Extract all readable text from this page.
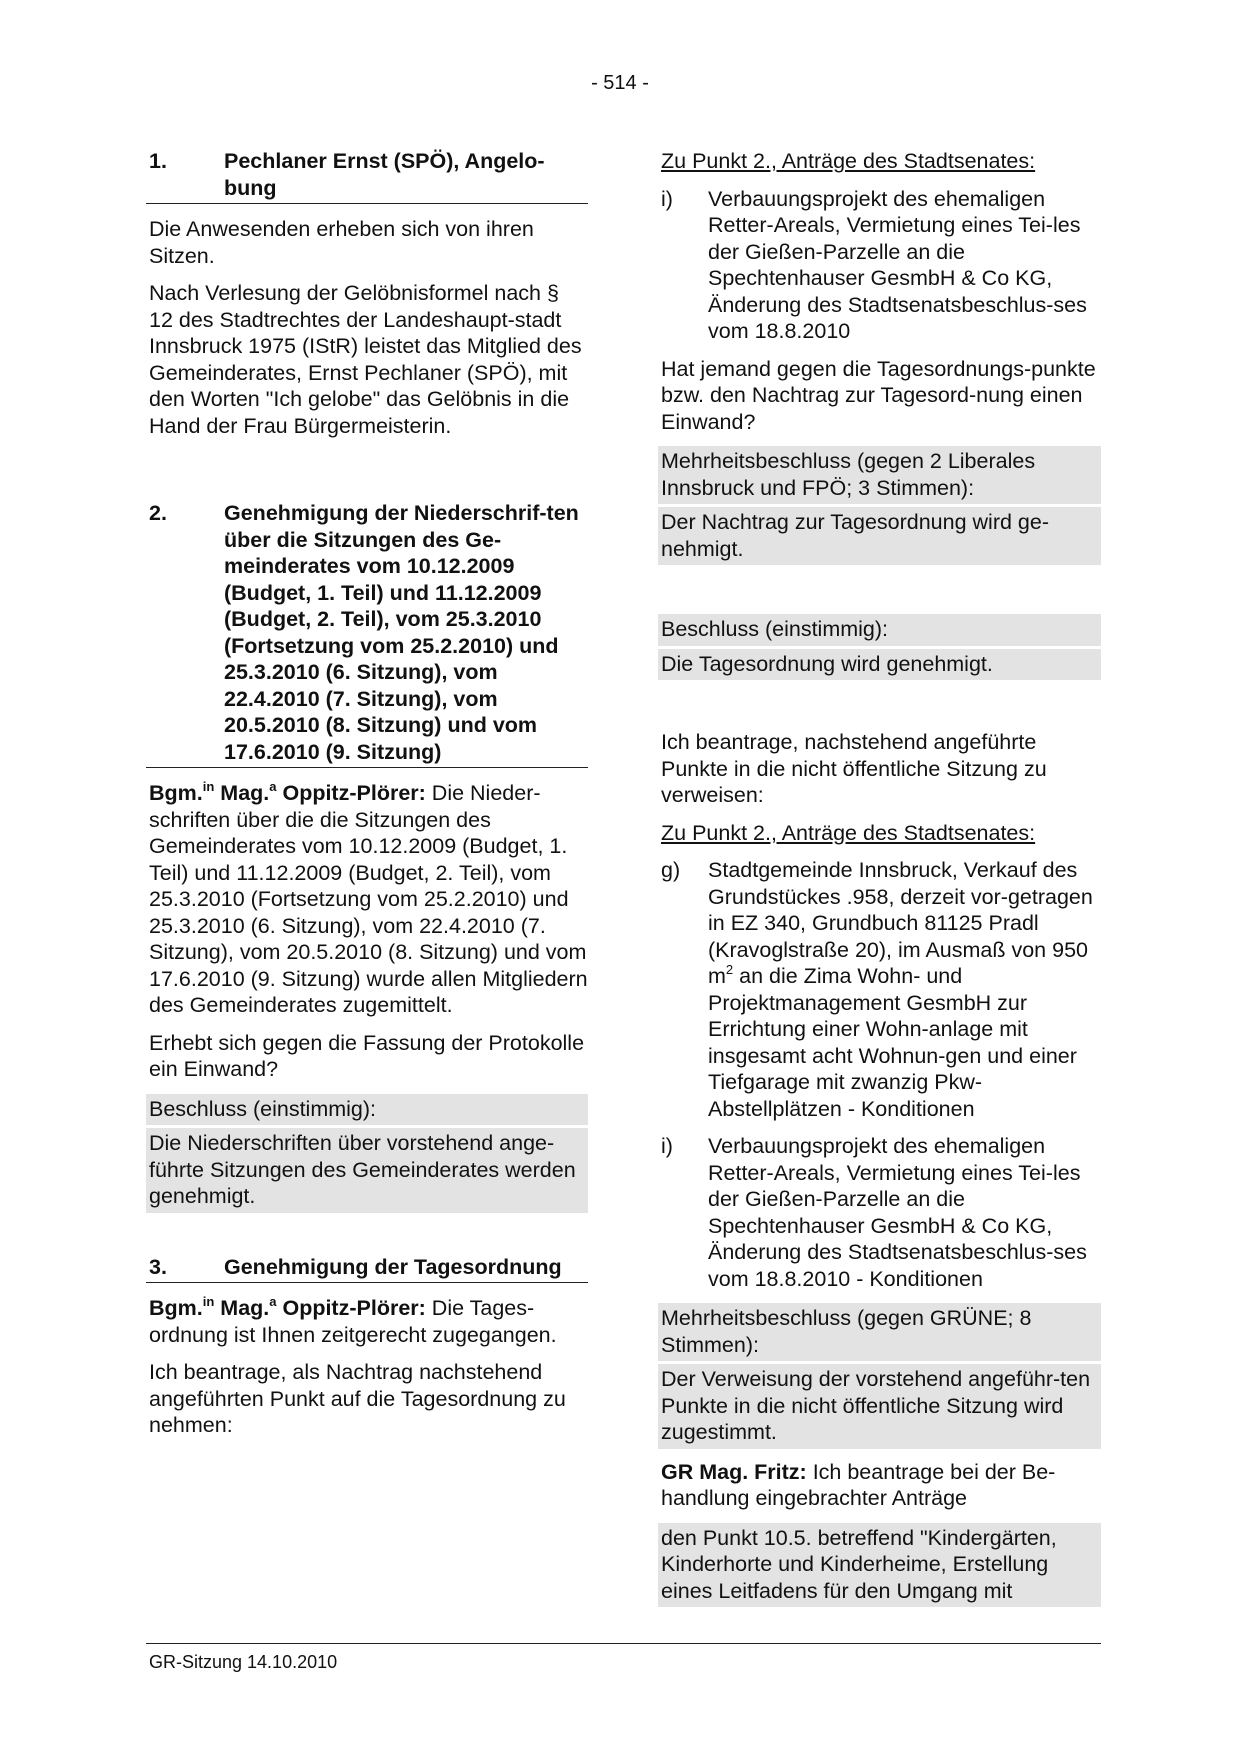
- 514 -
1.	Pechlaner Ernst (SPÖ), Angelo-bung

Die Anwesenden erheben sich von ihren Sitzen.

Nach Verlesung der Gelöbnisformel nach § 12 des Stadtrechtes der Landeshaupt-stadt Innsbruck 1975 (IStR) leistet das Mitglied des Gemeinderates, Ernst Pechlaner (SPÖ), mit den Worten "Ich gelobe" das Gelöbnis in die Hand der Frau Bürgermeisterin.

2.	Genehmigung der Niederschrif-ten über die Sitzungen des Ge-meinderates vom 10.12.2009 (Budget, 1. Teil) und 11.12.2009 (Budget, 2. Teil), vom 25.3.2010 (Fortsetzung vom 25.2.2010) und 25.3.2010 (6. Sitzung), vom 22.4.2010 (7. Sitzung), vom 20.5.2010 (8. Sitzung) und vom 17.6.2010 (9. Sitzung)

Bgm.$^{in}$ Mag.$^a$ Oppitz-Plörer: Die Nieder-schriften über die die Sitzungen des Gemeinderates vom 10.12.2009 (Budget, 1. Teil) und 11.12.2009 (Budget, 2. Teil), vom 25.3.2010 (Fortsetzung vom 25.2.2010) und 25.3.2010 (6. Sitzung), vom 22.4.2010 (7. Sitzung), vom 20.5.2010 (8. Sitzung) und vom 17.6.2010 (9. Sitzung) wurde allen Mitgliedern des Gemeinderates zugemittelt.

Erhebt sich gegen die Fassung der Protokolle ein Einwand?

Beschluss (einstimmig):
Die Niederschriften über vorstehend ange-führte Sitzungen des Gemeinderates werden genehmigt.
3.	Genehmigung der Tagesordnung

Bgm.$^{in}$ Mag.$^a$ Oppitz-Plörer: Die Tages-ordnung ist Ihnen zeitgerecht zugegangen.

Ich beantrage, als Nachtrag nachstehend angeführten Punkt auf die Tagesordnung zu nehmen:

Zu Punkt 2., Anträge des Stadtsenates:

i)	Verbauungsprojekt des ehemaligen Retter-Areals, Vermietung eines Tei-les der Gießen-Parzelle an die Spechtenhauser GesmbH & Co KG, Änderung des Stadtsenatsbeschlus-ses vom 18.8.2010

Hat jemand gegen die Tagesordnungs-punkte bzw. den Nachtrag zur Tagesord-nung einen Einwand?

Mehrheitsbeschluss (gegen 2 Liberales Innsbruck und FPÖ; 3 Stimmen):
Der Nachtrag zur Tagesordnung wird ge-nehmigt.
Beschluss (einstimmig):
Die Tagesordnung wird genehmigt.

Ich beantrage, nachstehend angeführte Punkte in die nicht öffentliche Sitzung zu verweisen:

Zu Punkt 2., Anträge des Stadtsenates:

g)	Stadtgemeinde Innsbruck, Verkauf des Grundstückes .958, derzeit vor-getragen in EZ 340, Grundbuch 81125 Pradl (Kravoglstraße 20), im Ausmaß von 950 $m^2$ an die Zima Wohn- und Projektmanagement GesmbH zur Errichtung einer Wohn-anlage mit insgesamt acht Wohnun-gen und einer Tiefgarage mit zwanzig Pkw-Abstellplätzen - Konditionen
i)	Verbauungsprojekt des ehemaligen Retter-Areals, Vermietung eines Tei-les der Gießen-Parzelle an die Spechtenhauser GesmbH & Co KG, Änderung des Stadtsenatsbeschlus-ses vom 18.8.2010 - Konditionen
Mehrheitsbeschluss (gegen GRÜNE; 8 Stimmen):
Der Verweisung der vorstehend angeführ-ten Punkte in die nicht öffentliche Sitzung wird zugestimmt.

GR Mag. Fritz: Ich beantrage bei der Be-handlung eingebrachter Anträge

den Punkt 10.5. betreffend "Kindergärten, Kinderhorte und Kinderheime, Erstellung eines Leitfadens für den Umgang mit
GR-Sitzung 14.10.2010
